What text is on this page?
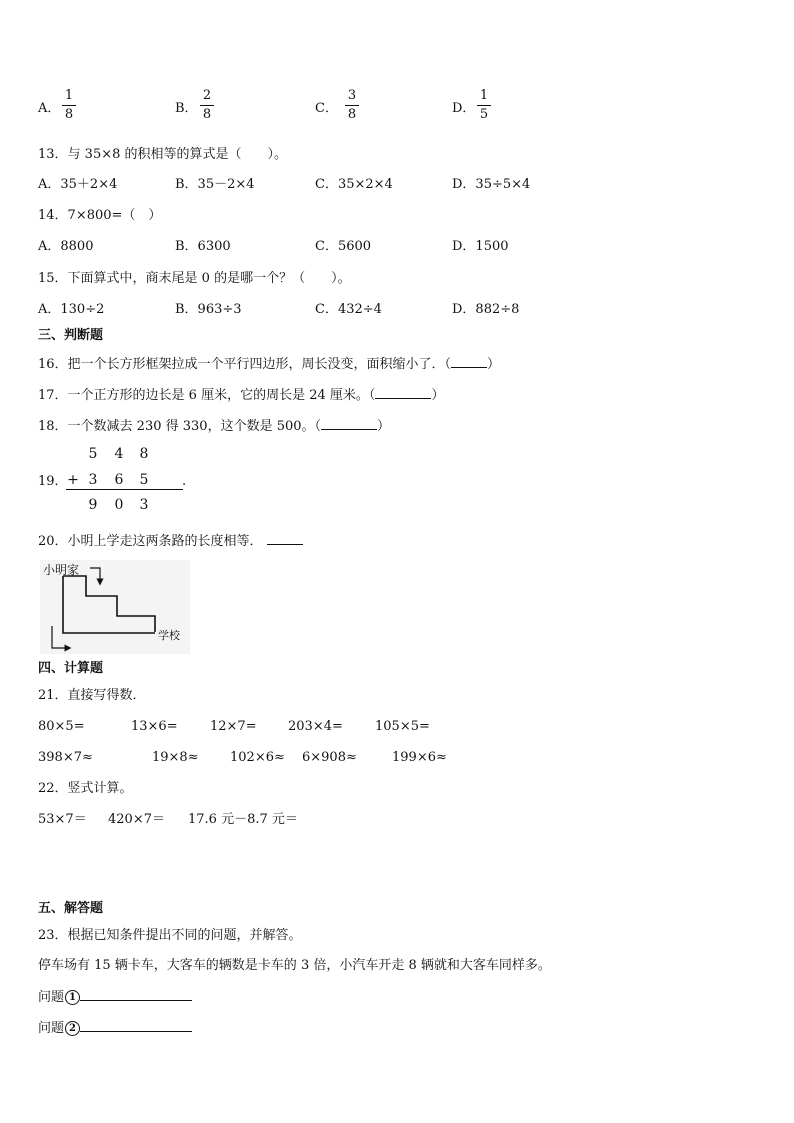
A．
1
8	B．
2
8	C．
3
8	D．
1
5
13．与 35×8 的积相等的算式是（　　）。
A．35＋2×4	B．35－2×4	C．35×2×4	D．35÷5×4
14．7×800=（　）
A．8800	B．6300	C．5600	D．1500
15．下面算式中，商末尾是 0 的是哪一个？（　　）。
A．130÷2	B．963÷3	C．432÷4	D．882÷8
三、判断题
16．把一个长方形框架拉成一个平行四边形，周长没变，面积缩小了．（	）
17．一个正方形的边长是 6 厘米，它的周长是 24 厘米。（	）
18．一个数减去 230 得 330，这个数是 500。（	）
19．
5 4 8
+ 3 6 5	.
9 0 3
20．小明上学走这两条路的长度相等．
小明家
学校
四、计算题
21．直接写得数．
80×5=	13×6= 12×7= 203×4= 105×5=
398×7≈	19×8≈ 102×6≈ 6×908≈	199×6≈
22．竖式计算。
53×7＝ 420×7＝ 17.6 元－8.7 元＝
五、解答题
23．根据已知条件提出不同的问题，并解答。
停车场有 15 辆卡车，大客车的辆数是卡车的 3 倍，小汽车开走 8 辆就和大客车同样多。
问题 1
问题 2
